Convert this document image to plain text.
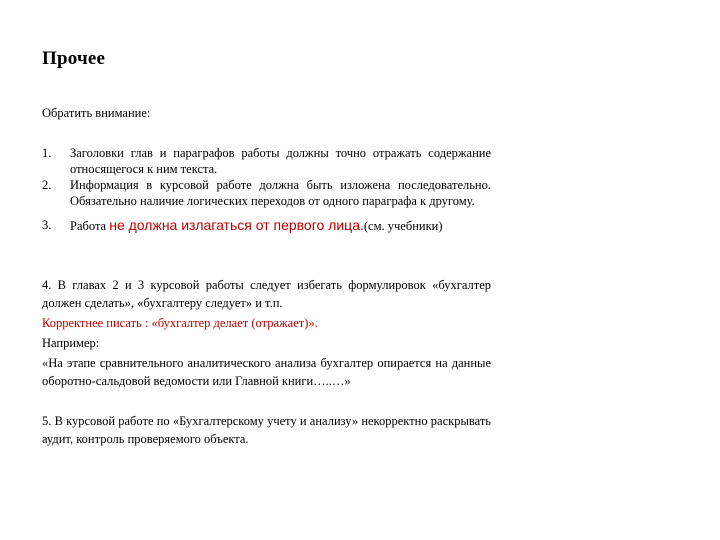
Прочее
Обратить внимание:
1. Заголовки глав и параграфов работы должны точно отражать содержание относящегося к ним текста.
2. Информация в курсовой работе должна быть изложена последовательно. Обязательно наличие логических переходов от одного параграфа к другому.
3. Работа не должна излагаться от первого лица.(см. учебники)
4. В главах 2 и 3 курсовой работы следует избегать формулировок «бухгалтер должен сделать», «бухгалтеру следует» и т.п.
Корректнее писать : «бухгалтер делает (отражает)».
Например:
«На этапе сравнительного аналитического анализа бухгалтер опирается на данные оборотно-сальдовой ведомости или Главной книги…..…»
5. В курсовой работе по «Бухгалтерскому учету и анализу» некорректно раскрывать аудит, контроль проверяемого объекта.
